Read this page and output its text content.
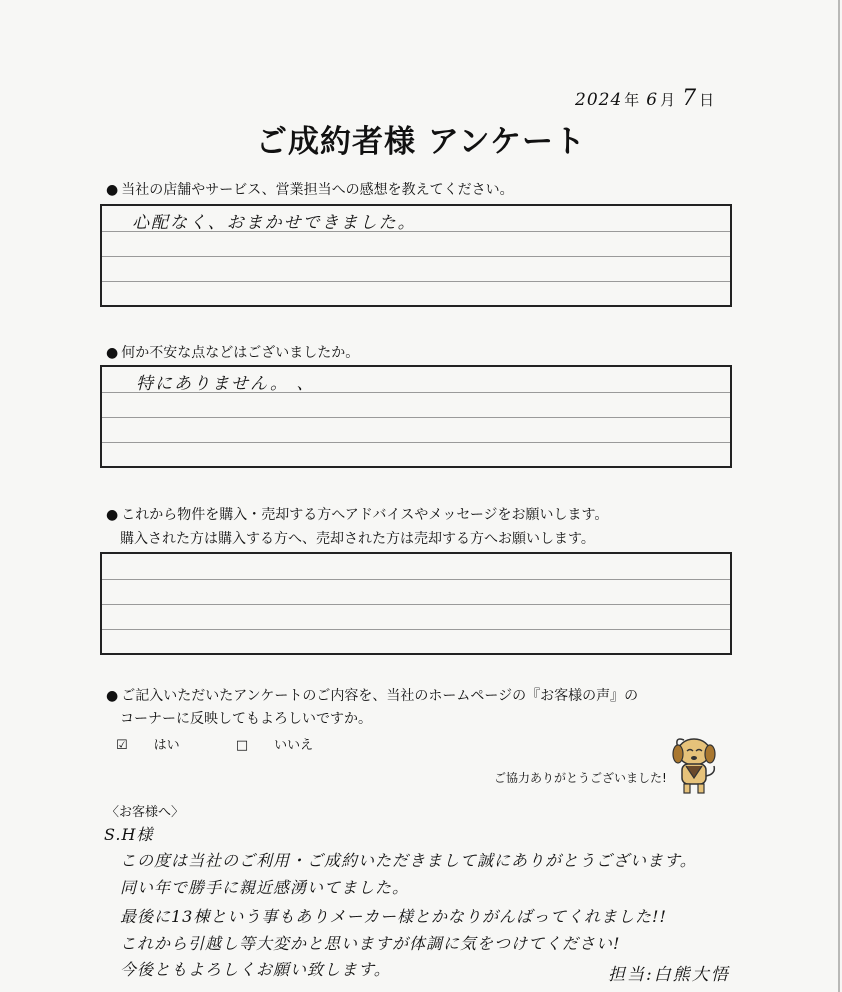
2024 年 6 月 7 日
ご成約者様 アンケート
● 当社の店舗やサービス、営業担当への感想を教えてください。
心配なく、おまかせできました。
● 何か不安な点などはございましたか。
特にありません。 、
● これから物件を購入・売却する方へアドバイスやメッセージをお願いします。
購入された方は購入する方へ、売却された方は売却する方へお願いします。
● ご記入いただいたアンケートのご内容を、当社のホームページの『お客様の声』の
コーナーに反映してもよろしいですか。
☑ はい	□ いいえ
ご協力ありがとうございました!
〈お客様へ〉
S.H様
この度は当社のご利用・ご成約いただきまして誠にありがとうございます。
同い年で勝手に親近感湧いてました。
最後に13棟という事もありメーカー様とかなりがんばってくれました!!
これから引越し等大変かと思いますが体調に気をつけてください!
今後ともよろしくお願い致します。	担当:白熊大悟
